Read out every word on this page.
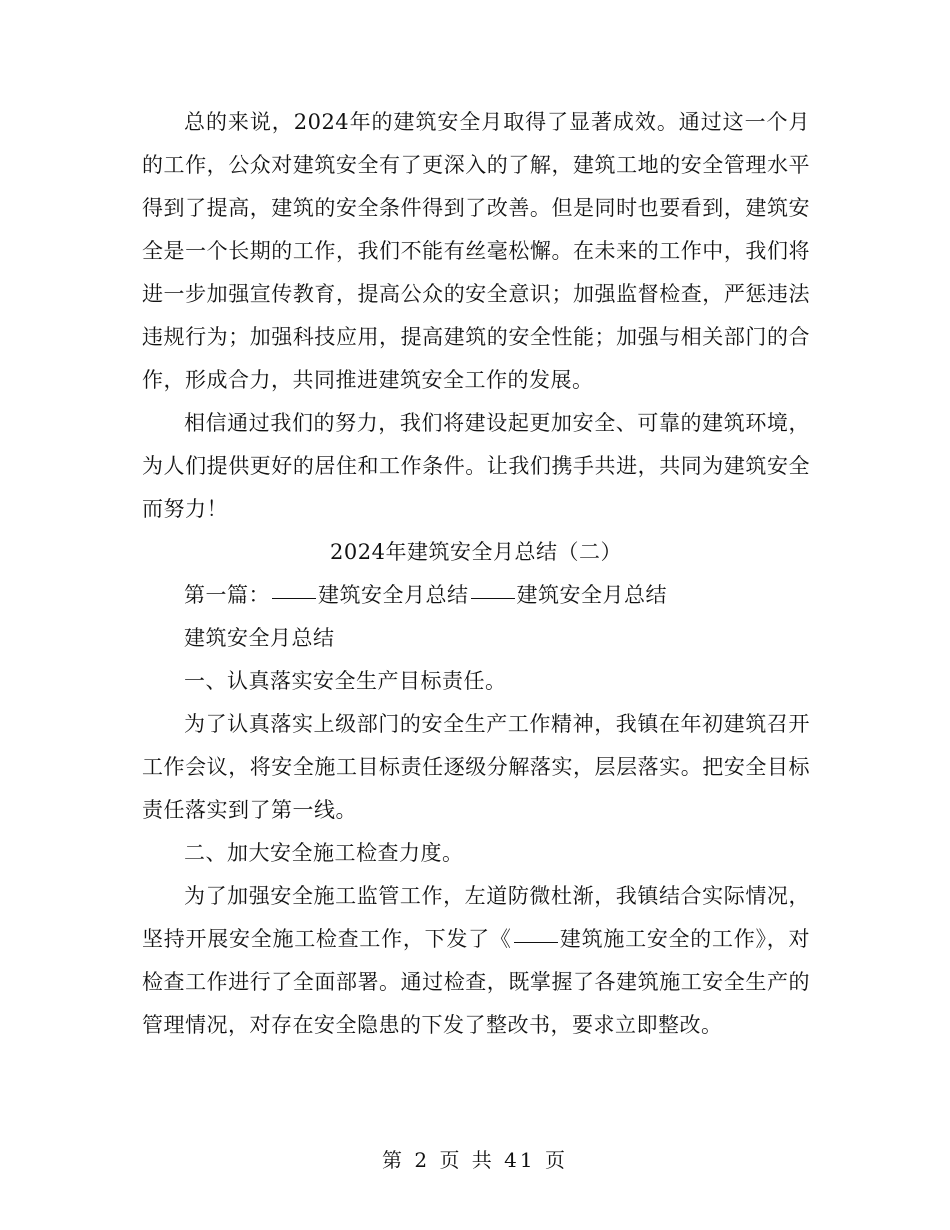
总的来说，2024年的建筑安全月取得了显著成效。通过这一个月的工作，公众对建筑安全有了更深入的了解，建筑工地的安全管理水平得到了提高，建筑的安全条件得到了改善。但是同时也要看到，建筑安全是一个长期的工作，我们不能有丝毫松懈。在未来的工作中，我们将进一步加强宣传教育，提高公众的安全意识；加强监督检查，严惩违法违规行为；加强科技应用，提高建筑的安全性能；加强与相关部门的合作，形成合力，共同推进建筑安全工作的发展。

相信通过我们的努力，我们将建设起更加安全、可靠的建筑环境，为人们提供更好的居住和工作条件。让我们携手共进，共同为建筑安全而努力！

2024年建筑安全月总结（二）

第一篇： 建筑安全月总结 建筑安全月总结

建筑安全月总结

一、认真落实安全生产目标责任。

为了认真落实上级部门的安全生产工作精神，我镇在年初建筑召开工作会议，将安全施工目标责任逐级分解落实，层层落实。把安全目标责任落实到了第一线。

二、加大安全施工检查力度。

为了加强安全施工监管工作，左道防微杜渐，我镇结合实际情况，坚持开展安全施工检查工作，下发了《 建筑施工安全的工作》，对检查工作进行了全面部署。通过检查，既掌握了各建筑施工安全生产的管理情况，对存在安全隐患的下发了整改书，要求立即整改。

第 2 页 共 41 页
